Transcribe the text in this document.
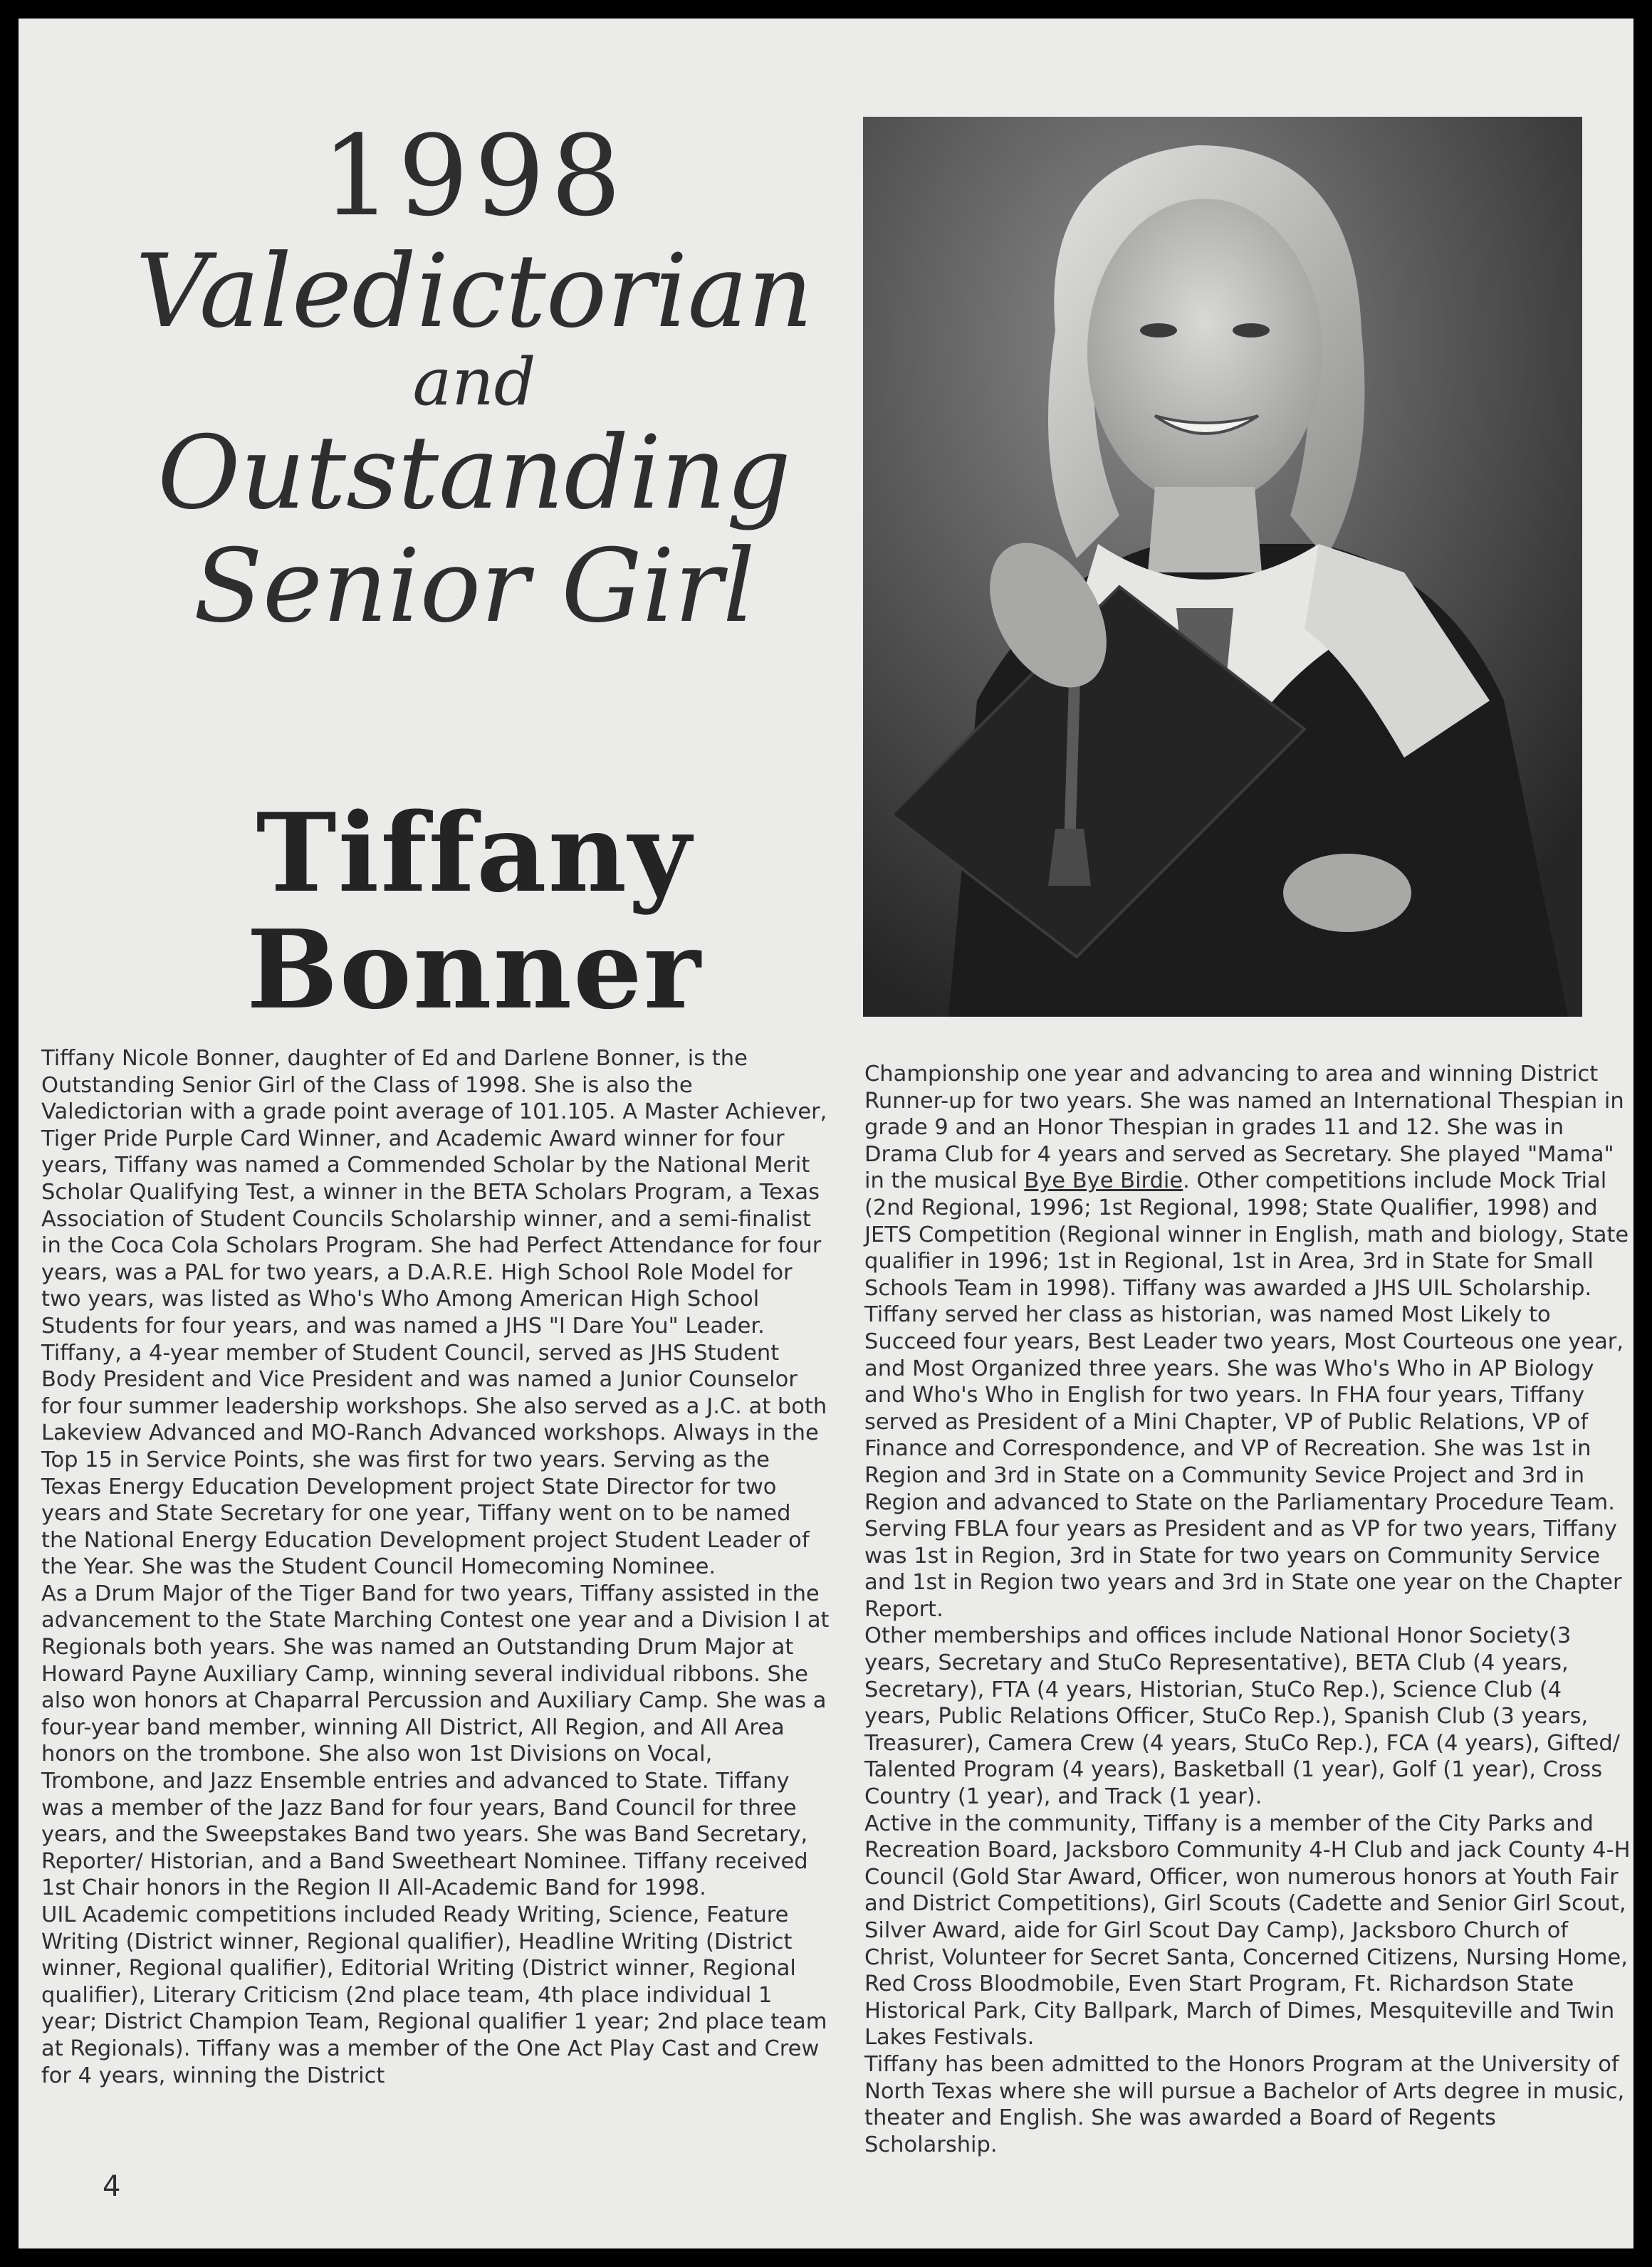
1998
Valedictorian
and
Outstanding
Senior Girl
Tiffany
Bonner

Tiffany Nicole Bonner, daughter of Ed and Darlene Bonner, is the Outstanding Senior Girl of the Class of 1998. She is also the Valedictorian with a grade point average of 101.105. A Master Achiever, Tiger Pride Purple Card Winner, and Academic Award winner for four years, Tiffany was named a Commended Scholar by the National Merit Scholar Qualifying Test, a winner in the BETA Scholars Program, a Texas Association of Student Councils Scholarship winner, and a semi-finalist in the Coca Cola Scholars Program. She had Perfect Attendance for four years, was a PAL for two years, a D.A.R.E. High School Role Model for two years, was listed as Who's Who Among American High School Students for four years, and was named a JHS "I Dare You" Leader.

Tiffany, a 4-year member of Student Council, served as JHS Student Body President and Vice President and was named a Junior Counselor for four summer leadership workshops. She also served as a J.C. at both Lakeview Advanced and MO-Ranch Advanced workshops. Always in the Top 15 in Service Points, she was first for two years. Serving as the Texas Energy Education Development project State Director for two years and State Secretary for one year, Tiffany went on to be named the National Energy Education Development project Student Leader of the Year. She was the Student Council Homecoming Nominee.

As a Drum Major of the Tiger Band for two years, Tiffany assisted in the advancement to the State Marching Contest one year and a Division I at Regionals both years. She was named an Outstanding Drum Major at Howard Payne Auxiliary Camp, winning several individual ribbons. She also won honors at Chaparral Percussion and Auxiliary Camp. She was a four-year band member, winning All District, All Region, and All Area honors on the trombone. She also won 1st Divisions on Vocal, Trombone, and Jazz Ensemble entries and advanced to State. Tiffany was a member of the Jazz Band for four years, Band Council for three years, and the Sweepstakes Band two years. She was Band Secretary, Reporter/ Historian, and a Band Sweetheart Nominee. Tiffany received 1st Chair honors in the Region II All-Academic Band for 1998.

UIL Academic competitions included Ready Writing, Science, Feature Writing (District winner, Regional qualifier), Headline Writing (District winner, Regional qualifier), Editorial Writing (District winner, Regional qualifier), Literary Criticism (2nd place team, 4th place individual 1 year; District Champion Team, Regional qualifier 1 year; 2nd place team at Regionals). Tiffany was a member of the One Act Play Cast and Crew for 4 years, winning the District

Championship one year and advancing to area and winning District Runner-up for two years. She was named an International Thespian in grade 9 and an Honor Thespian in grades 11 and 12. She was in Drama Club for 4 years and served as Secretary. She played "Mama" in the musical Bye Bye Birdie. Other competitions include Mock Trial (2nd Regional, 1996; 1st Regional, 1998; State Qualifier, 1998) and JETS Competition (Regional winner in English, math and biology, State qualifier in 1996; 1st in Regional, 1st in Area, 3rd in State for Small Schools Team in 1998). Tiffany was awarded a JHS UIL Scholarship.

Tiffany served her class as historian, was named Most Likely to Succeed four years, Best Leader two years, Most Courteous one year, and Most Organized three years. She was Who's Who in AP Biology and Who's Who in English for two years. In FHA four years, Tiffany served as President of a Mini Chapter, VP of Public Relations, VP of Finance and Correspondence, and VP of Recreation. She was 1st in Region and 3rd in State on a Community Sevice Project and 3rd in Region and advanced to State on the Parliamentary Procedure Team. Serving FBLA four years as President and as VP for two years, Tiffany was 1st in Region, 3rd in State for two years on Community Service and 1st in Region two years and 3rd in State one year on the Chapter Report.

Other memberships and offices include National Honor Society(3 years, Secretary and StuCo Representative), BETA Club (4 years, Secretary), FTA (4 years, Historian, StuCo Rep.), Science Club (4 years, Public Relations Officer, StuCo Rep.), Spanish Club (3 years, Treasurer), Camera Crew (4 years, StuCo Rep.), FCA (4 years), Gifted/ Talented Program (4 years), Basketball (1 year), Golf (1 year), Cross Country (1 year), and Track (1 year).

Active in the community, Tiffany is a member of the City Parks and Recreation Board, Jacksboro Community 4-H Club and jack County 4-H Council (Gold Star Award, Officer, won numerous honors at Youth Fair and District Competitions), Girl Scouts (Cadette and Senior Girl Scout, Silver Award, aide for Girl Scout Day Camp), Jacksboro Church of Christ, Volunteer for Secret Santa, Concerned Citizens, Nursing Home, Red Cross Bloodmobile, Even Start Program, Ft. Richardson State Historical Park, City Ballpark, March of Dimes, Mesquiteville and Twin Lakes Festivals.

Tiffany has been admitted to the Honors Program at the University of North Texas where she will pursue a Bachelor of Arts degree in music, theater and English. She was awarded a Board of Regents Scholarship.

4
